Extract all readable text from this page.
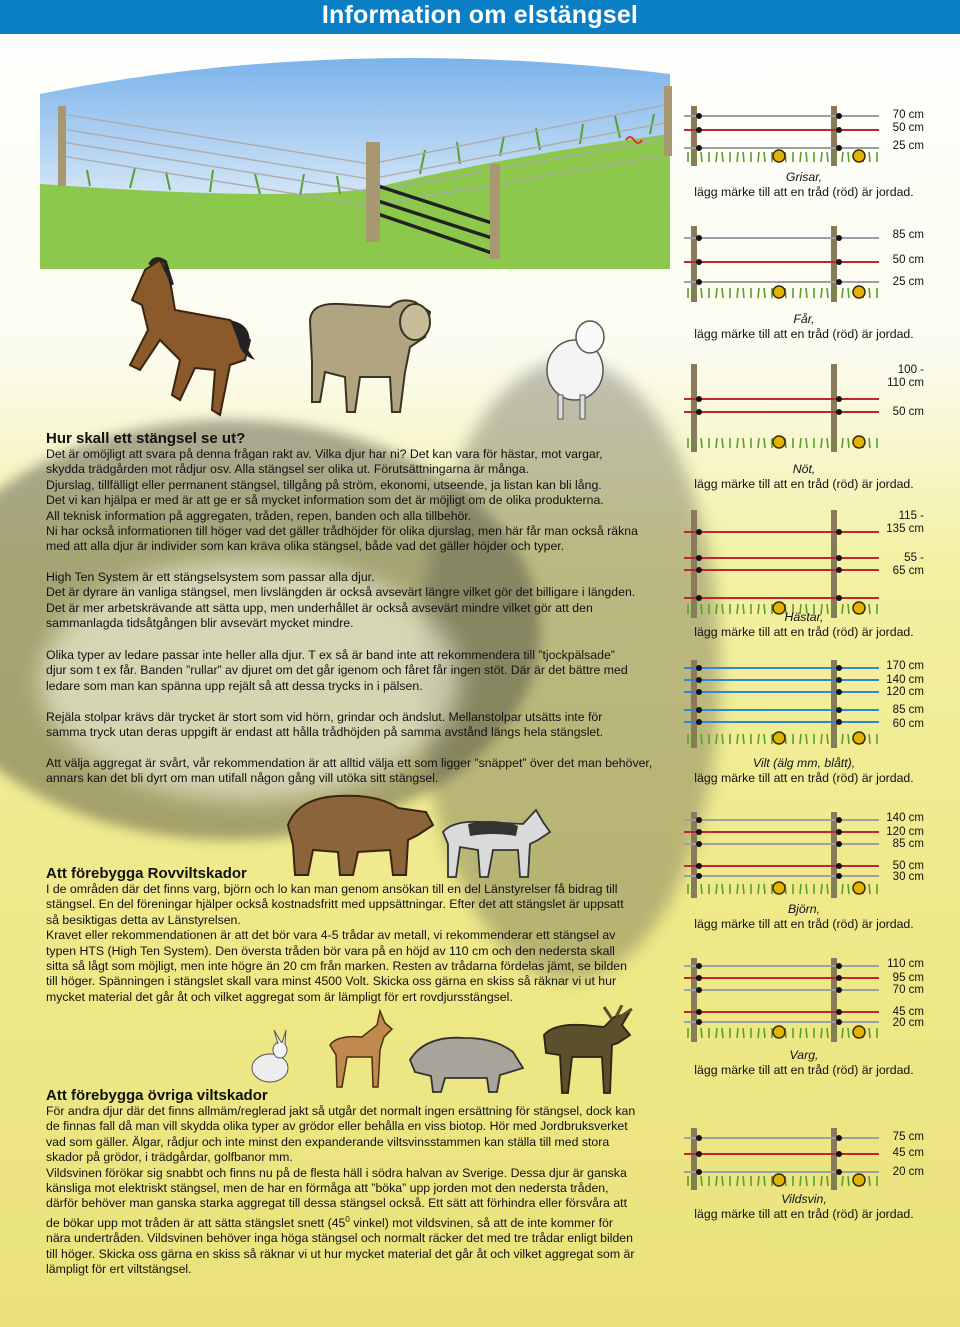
Information om elstängsel

Hur skall ett stängsel se ut?

Det är omöjligt att svara på denna frågan rakt av. Vilka djur har ni? Det kan vara för hästar, mot vargar,

skydda trädgården mot rådjur osv. Alla stängsel ser olika ut. Förutsättningarna är många.

Djurslag, tillfälligt eller permanent stängsel, tillgång på ström, ekonomi, utseende, ja listan kan bli lång.

Det vi kan hjälpa er med är att ge er så mycket information som det är möjligt om de olika produkterna.

All teknisk information på aggregaten, tråden, repen, banden och alla tillbehör.

Ni har också informationen till höger vad det gäller trådhöjder för olika djurslag, men här får man också räkna

med att alla djur är individer som kan kräva olika stängsel, både vad det gäller höjder och typer.

High Ten System är ett stängselsystem som passar alla djur.

Det är dyrare än vanliga stängsel, men livslängden är också avsevärt längre vilket gör det billigare i längden.

Det är mer arbetskrävande att sätta upp, men underhållet är också avsevärt mindre vilket gör att den

sammanlagda tidsåtgången blir avsevärt mycket mindre.

Olika typer av ledare passar inte heller alla djur. T ex så är band inte att rekommendera till ”tjockpälsade”

djur som t ex får. Banden ”rullar” av djuret om det går igenom och fåret får ingen stöt. Där är det bättre med

ledare som man kan spänna upp rejält så att dessa trycks in i pälsen.

Rejäla stolpar krävs där trycket är stort som vid hörn, grindar och ändslut. Mellanstolpar utsätts inte för

samma tryck utan deras uppgift är endast att hålla trådhöjden på samma avstånd längs hela stängslet.

Att välja aggregat är svårt, vår rekommendation är att alltid välja ett som ligger ”snäppet” över det man behöver,

annars kan det bli dyrt om man utifall någon gång vill utöka sitt stängsel.

Att förebygga Rovviltskador

I de områden där det finns varg, björn och lo kan man genom ansökan till en del Länstyrelser få bidrag till

stängsel. En del föreningar hjälper också kostnadsfritt med uppsättningar. Efter det att stängslet är uppsatt

så besiktigas detta av Länstyrelsen.

Kravet eller rekommendationen är att det bör vara 4-5 trådar av metall, vi rekommenderar ett stängsel av

typen HTS (High Ten System). Den översta tråden bör vara på en höjd av 110 cm och den nedersta skall

sitta så lågt som möjligt, men inte högre än 20 cm från marken. Resten av trådarna fördelas jämt, se bilden

till höger. Spänningen i stängslet skall vara minst 4500 Volt. Skicka oss gärna en skiss så räknar vi ut hur

mycket material det går åt och vilket aggregat som är lämpligt för ert rovdjursstängsel.

Att förebygga övriga viltskador

För andra djur där det finns allmäm/reglerad jakt så utgår det normalt ingen ersättning för stängsel, dock kan

de finnas fall då man vill skydda olika typer av grödor eller behålla en viss biotop. Hör med Jordbruksverket

vad som gäller. Älgar, rådjur och inte minst den expanderande viltsvinsstammen kan ställa till med stora

skador på grödor, i trädgårdar, golfbanor mm.

Vildsvinen förökar sig snabbt och finns nu på de flesta häll i södra halvan av Sverige. Dessa djur är ganska

känsliga mot elektriskt stängsel, men de har en förmåga att ”böka” upp jorden mot den nedersta tråden,

därför behöver man ganska starka aggregat till dessa stängsel också. Ett sätt att förhindra eller försvåra att

de bökar upp mot tråden är att sätta stängslet snett ($45^0$ vinkel) mot vildsvinen, så att de inte kommer för

nära undertråden. Vildsvinen behöver inga höga stängsel och normalt räcker det med tre trådar enligt bilden

till höger. Skicka oss gärna en skiss så räknar vi ut hur mycket material det går åt och vilket aggregat som är

lämpligt för ert viltstängsel.

70 cm
50 cm
25 cm
Grisar,
lägg märke till att en tråd (röd) är jordad.
85 cm
50 cm
25 cm
Får,
lägg märke till att en tråd (röd) är jordad.
100 -
110 cm
50 cm
Nöt,
lägg märke till att en tråd (röd) är jordad.
115 -
135 cm
55 -
65 cm
Hästar,
lägg märke till att en tråd (röd) är jordad.
170 cm
140 cm
120 cm
85 cm
60 cm
Vilt (älg mm, blått),
lägg märke till att en tråd (röd) är jordad.
140 cm
120 cm
85 cm
50 cm
30 cm
Björn,
lägg märke till att en tråd (röd) är jordad.
110 cm
95 cm
70 cm
45 cm
20 cm
Varg,
lägg märke till att en tråd (röd) är jordad.
75 cm
45 cm
20 cm
Vildsvin,
lägg märke till att en tråd (röd) är jordad.
